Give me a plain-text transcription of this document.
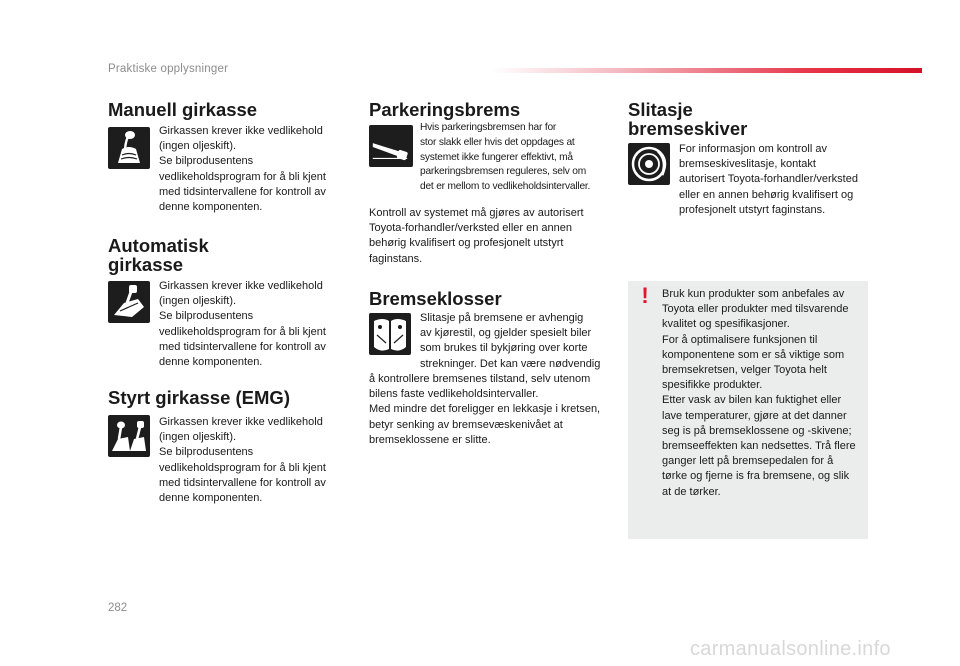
Praktiske opplysninger
Manuell girkasse
Girkassen krever ikke vedlikehold
(ingen oljeskift).
Se bilprodusentens
vedlikeholdsprogram for å bli kjent
med tidsintervallene for kontroll av
denne komponenten.
Automatisk
girkasse
Girkassen krever ikke vedlikehold
(ingen oljeskift).
Se bilprodusentens
vedlikeholdsprogram for å bli kjent
med tidsintervallene for kontroll av
denne komponenten.
Styrt girkasse (EMG)
Girkassen krever ikke vedlikehold
(ingen oljeskift).
Se bilprodusentens
vedlikeholdsprogram for å bli kjent
med tidsintervallene for kontroll av
denne komponenten.
Parkeringsbrems
Hvis parkeringsbremsen har for
stor slakk eller hvis det oppdages at
systemet ikke fungerer effektivt, må
parkeringsbremsen reguleres, selv om
det er mellom to vedlikeholdsintervaller.
Kontroll av systemet må gjøres av autorisert
Toyota-forhandler/verksted eller en annen
behørig kvalifisert og profesjonelt utstyrt
faginstans.
Bremseklosser
Slitasje på bremsene er avhengig
av kjørestil, og gjelder spesielt biler
som brukes til bykjøring over korte
strekninger. Det kan være nødvendig
å kontrollere bremsenes tilstand, selv utenom
bilens faste vedlikeholdsintervaller.
Med mindre det foreligger en lekkasje i kretsen,
betyr senking av bremsevæskenivået at
bremseklossene er slitte.
Slitasje
bremseskiver
For informasjon om kontroll av
bremseskiveslitasje, kontakt
autorisert Toyota-forhandler/verksted
eller en annen behørig kvalifisert og
profesjonelt utstyrt faginstans.
! Bruk kun produkter som anbefales av
Toyota eller produkter med tilsvarende
kvalitet og spesifikasjoner.
For å optimalisere funksjonen til
komponentene som er så viktige som
bremsekretsen, velger Toyota helt
spesifikke produkter.
Etter vask av bilen kan fuktighet eller
lave temperaturer, gjøre at det danner
seg is på bremseklossene og -skivene;
bremseeffekten kan nedsettes. Trå flere
ganger lett på bremsepedalen for å
tørke og fjerne is fra bremsene, og slik
at de tørker.
282
carmanualsonline.info
